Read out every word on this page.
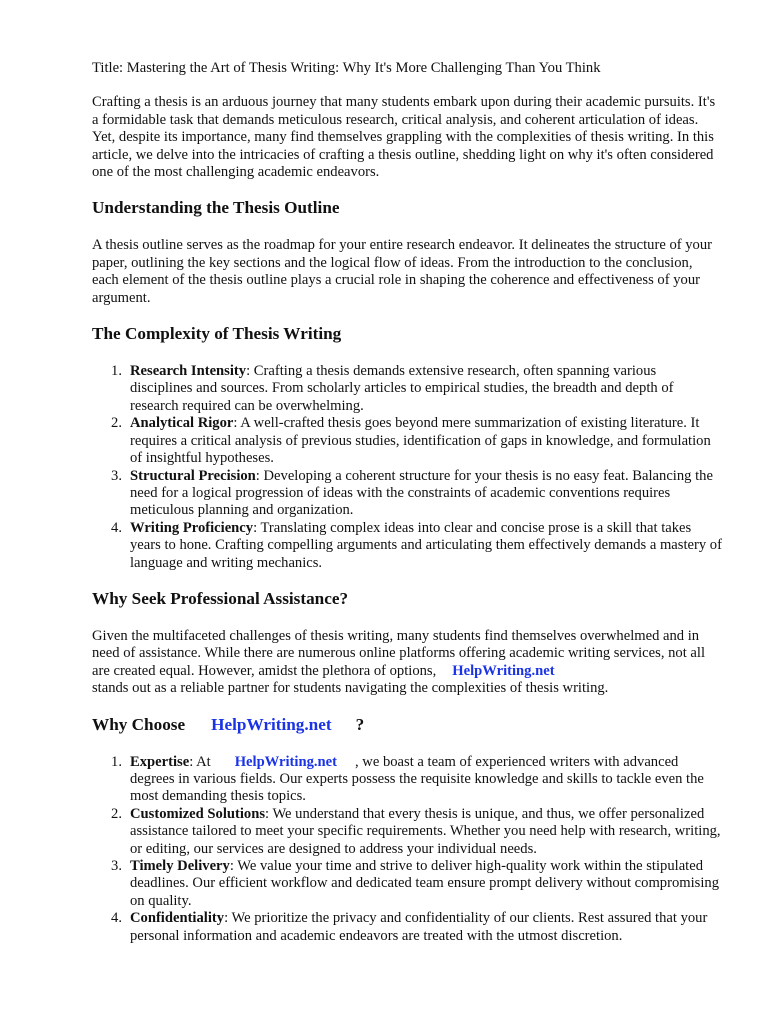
Title: Mastering the Art of Thesis Writing: Why It's More Challenging Than You Think

Crafting a thesis is an arduous journey that many students embark upon during their academic pursuits. It's a formidable task that demands meticulous research, critical analysis, and coherent articulation of ideas. Yet, despite its importance, many find themselves grappling with the complexities of thesis writing. In this article, we delve into the intricacies of crafting a thesis outline, shedding light on why it's often considered one of the most challenging academic endeavors.

Understanding the Thesis Outline

A thesis outline serves as the roadmap for your entire research endeavor. It delineates the structure of your paper, outlining the key sections and the logical flow of ideas. From the introduction to the conclusion, each element of the thesis outline plays a crucial role in shaping the coherence and effectiveness of your argument.

The Complexity of Thesis Writing
1. Research Intensity: Crafting a thesis demands extensive research, often spanning various disciplines and sources. From scholarly articles to empirical studies, the breadth and depth of research required can be overwhelming.
2. Analytical Rigor: A well-crafted thesis goes beyond mere summarization of existing literature. It requires a critical analysis of previous studies, identification of gaps in knowledge, and formulation of insightful hypotheses.
3. Structural Precision: Developing a coherent structure for your thesis is no easy feat. Balancing the need for a logical progression of ideas with the constraints of academic conventions requires meticulous planning and organization.
4. Writing Proficiency: Translating complex ideas into clear and concise prose is a skill that takes years to hone. Crafting compelling arguments and articulating them effectively demands a mastery of language and writing mechanics.
Why Seek Professional Assistance?

Given the multifaceted challenges of thesis writing, many students find themselves overwhelmed and in need of assistance. While there are numerous online platforms offering academic writing services, not all are created equal. However, amidst the plethora of options, HelpWriting.net
stands out as a reliable partner for students navigating the complexities of thesis writing.

Why Choose HelpWriting.net ?
1. Expertise: At HelpWriting.net , we boast a team of experienced writers with advanced degrees in various fields. Our experts possess the requisite knowledge and skills to tackle even the most demanding thesis topics.
2. Customized Solutions: We understand that every thesis is unique, and thus, we offer personalized assistance tailored to meet your specific requirements. Whether you need help with research, writing, or editing, our services are designed to address your individual needs.
3. Timely Delivery: We value your time and strive to deliver high-quality work within the stipulated deadlines. Our efficient workflow and dedicated team ensure prompt delivery without compromising on quality.
4. Confidentiality: We prioritize the privacy and confidentiality of our clients. Rest assured that your personal information and academic endeavors are treated with the utmost discretion.
